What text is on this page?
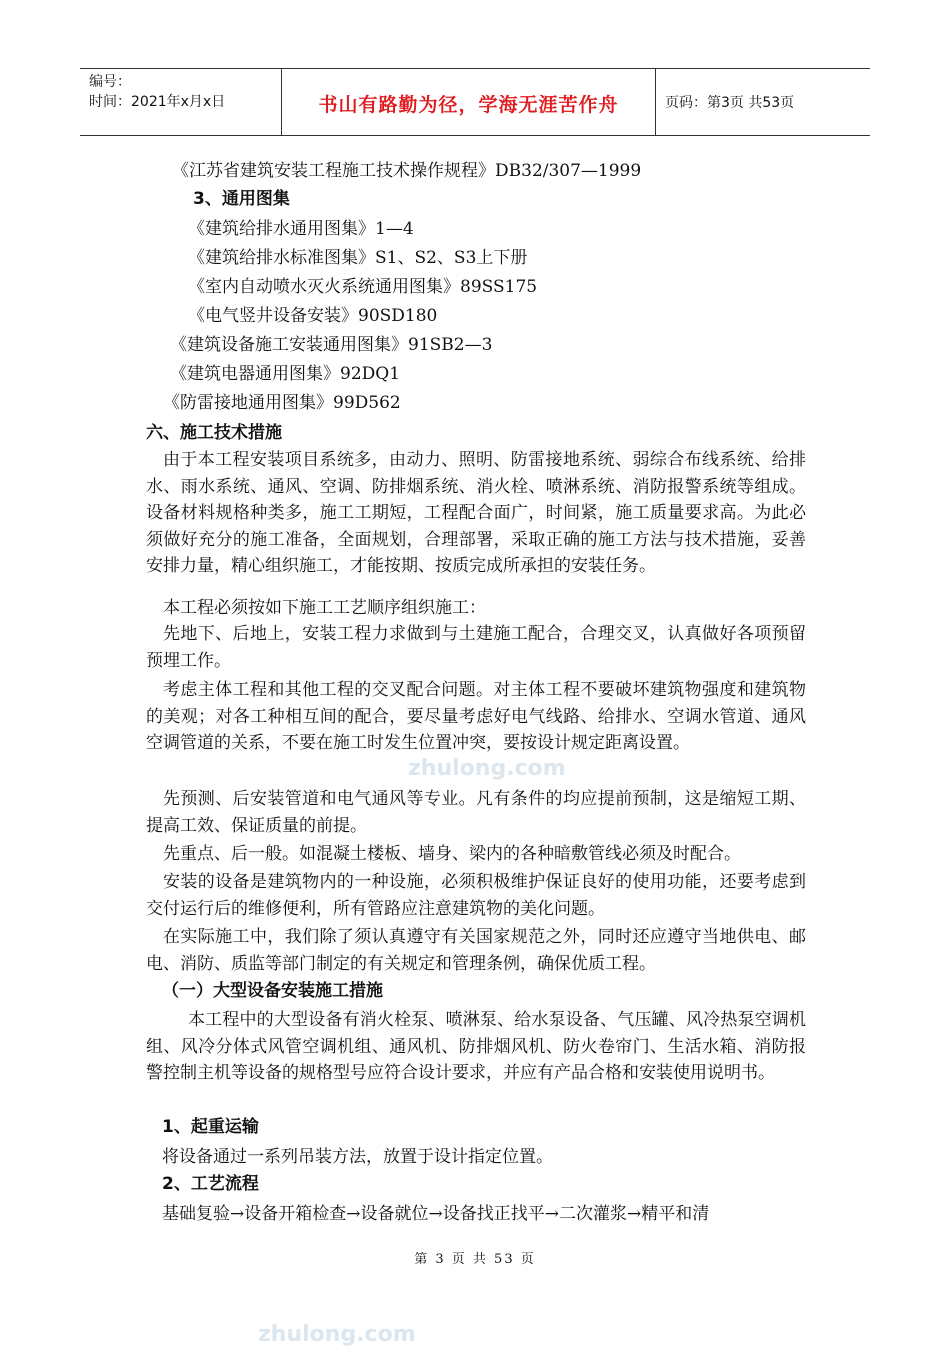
编号：
时间：2021年x月x日	书山有路勤为径，学海无涯苦作舟	页码：第3页 共53页
zhulong.com
zhulong.com
《江苏省建筑安装工程施工技术操作规程》DB32/307—1999
3、通用图集
《建筑给排水通用图集》1—4
《建筑给排水标准图集》S1、S2、S3上下册
《室内自动喷水灭火系统通用图集》89SS175
《电气竖井设备安装》90SD180
《建筑设备施工安装通用图集》91SB2—3
《建筑电器通用图集》92DQ1
《防雷接地通用图集》99D562
六、施工技术措施
由于本工程安装项目系统多，由动力、照明、防雷接地系统、弱综合布线系统、给排水、雨水系统、通风、空调、防排烟系统、消火栓、喷淋系统、消防报警系统等组成。设备材料规格种类多，施工工期短，工程配合面广，时间紧，施工质量要求高。为此必须做好充分的施工准备，全面规划，合理部署，采取正确的施工方法与技术措施，妥善安排力量，精心组织施工，才能按期、按质完成所承担的安装任务。
本工程必须按如下施工工艺顺序组织施工：
先地下、后地上，安装工程力求做到与土建施工配合，合理交叉，认真做好各项预留预埋工作。
考虑主体工程和其他工程的交叉配合问题。对主体工程不要破坏建筑物强度和建筑物的美观；对各工种相互间的配合，要尽量考虑好电气线路、给排水、空调水管道、通风空调管道的关系，不要在施工时发生位置冲突，要按设计规定距离设置。
先预测、后安装管道和电气通风等专业。凡有条件的均应提前预制，这是缩短工期、提高工效、保证质量的前提。
先重点、后一般。如混凝土楼板、墙身、梁内的各种暗敷管线必须及时配合。
安装的设备是建筑物内的一种设施，必须积极维护保证良好的使用功能，还要考虑到交付运行后的维修便利，所有管路应注意建筑物的美化问题。
在实际施工中，我们除了须认真遵守有关国家规范之外，同时还应遵守当地供电、邮电、消防、质监等部门制定的有关规定和管理条例，确保优质工程。
（一）大型设备安装施工措施
本工程中的大型设备有消火栓泵、喷淋泵、给水泵设备、气压罐、风冷热泵空调机组、风冷分体式风管空调机组、通风机、防排烟风机、防火卷帘门、生活水箱、消防报警控制主机等设备的规格型号应符合设计要求，并应有产品合格和安装使用说明书。
1、起重运输
将设备通过一系列吊装方法，放置于设计指定位置。
2、工艺流程
基础复验→设备开箱检查→设备就位→设备找正找平→二次灌浆→精平和清
第 3 页 共 53 页
